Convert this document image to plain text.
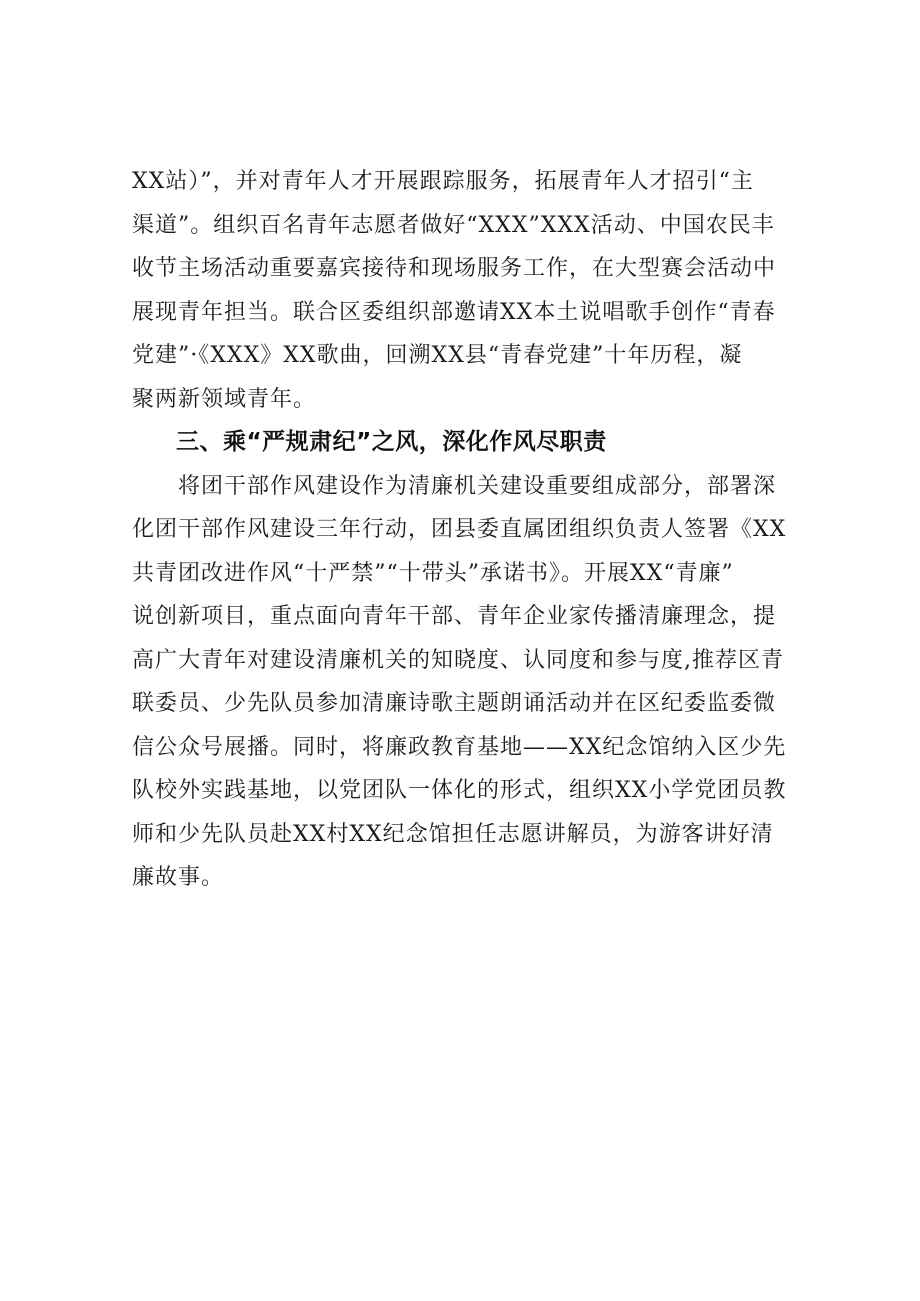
XX站）”，并对青年人才开展跟踪服务，拓展青年人才招引“主
渠道”。组织百名青年志愿者做好“XXX”XXX活动、中国农民丰
收节主场活动重要嘉宾接待和现场服务工作，在大型赛会活动中
展现青年担当。联合区委组织部邀请XX本土说唱歌手创作“青春
党建”·《XXX》XX歌曲，回溯XX县“青春党建”十年历程，凝
聚两新领域青年。
三、乘“严规肃纪”之风，深化作风尽职责
　　将团干部作风建设作为清廉机关建设重要组成部分，部署深
化团干部作风建设三年行动，团县委直属团组织负责人签署《XX
共青团改进作风“十严禁”“十带头”承诺书》。开展XX“青廉”
说创新项目，重点面向青年干部、青年企业家传播清廉理念，提
高广大青年对建设清廉机关的知晓度、认同度和参与度,推荐区青
联委员、少先队员参加清廉诗歌主题朗诵活动并在区纪委监委微
信公众号展播。同时，将廉政教育基地——XX纪念馆纳入区少先
队校外实践基地，以党团队一体化的形式，组织XX小学党团员教
师和少先队员赴XX村XX纪念馆担任志愿讲解员，为游客讲好清
廉故事。
